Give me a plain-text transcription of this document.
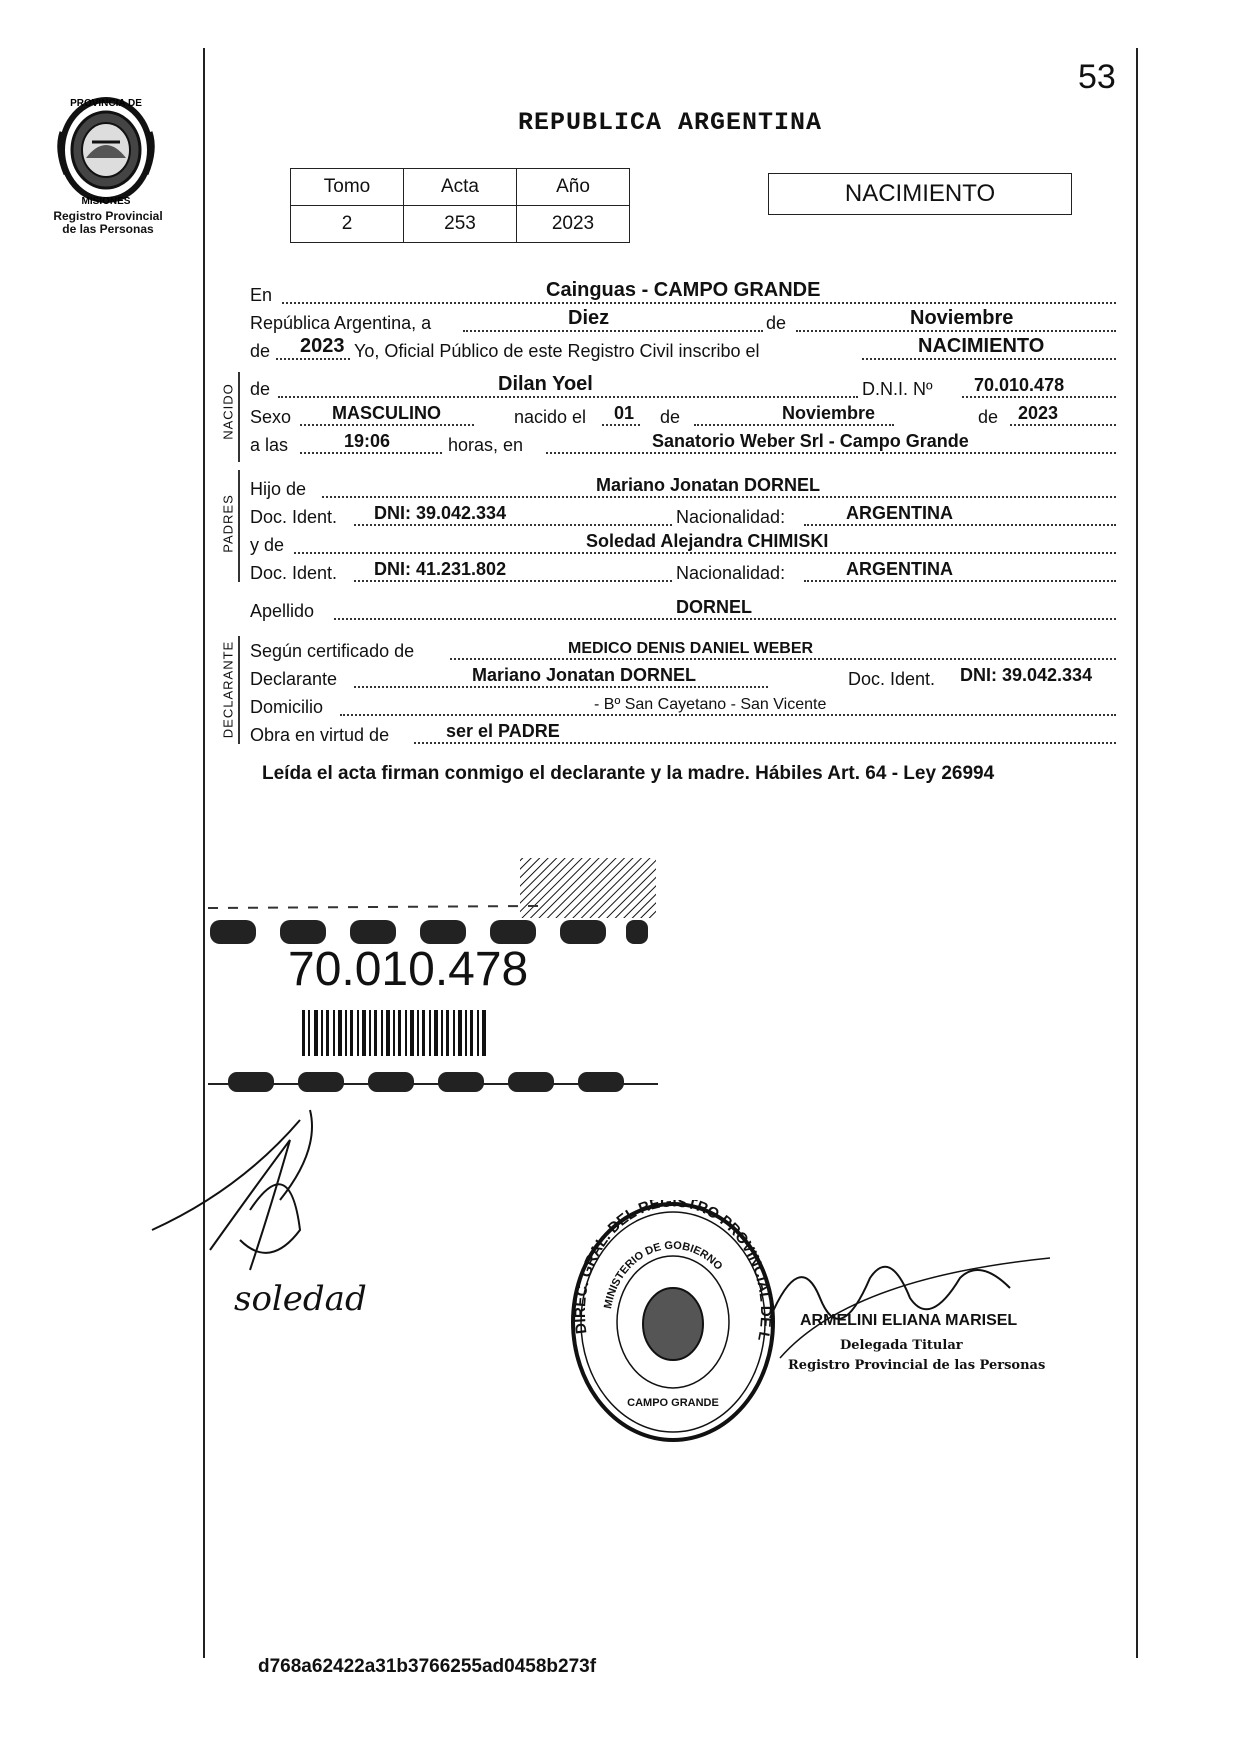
PROVINCIA DE
MISIONES
Registro Provincial
de las Personas
53
REPUBLICA ARGENTINA
Tomo	Acta	Año
2	253	2023
NACIMIENTO
En	Cainguas - CAMPO GRANDE
República Argentina, a	Diez	de	Noviembre
de 2023 Yo, Oficial Público de este Registro Civil inscribo el	NACIMIENTO
NACIDO de	Dilan Yoel	D.N.I. Nº 70.010.478
Sexo MASCULINO	nacido el 01 de	Noviembre	de 2023
a las	19:06	horas, en	Sanatorio Weber Srl - Campo Grande
PADRES
Hijo de	Mariano Jonatan DORNEL
Doc. Ident. DNI: 39.042.334	Nacionalidad:	ARGENTINA
y de	Soledad Alejandra CHIMISKI
Doc. Ident. DNI: 41.231.802	Nacionalidad:	ARGENTINA
Apellido	DORNEL
DECLARANTE Según certificado de	MEDICO DENIS DANIEL WEBER
Declarante	Mariano Jonatan DORNEL	Doc. Ident. DNI: 39.042.334
Domicilio	- Bº San Cayetano - San Vicente
Obra en virtud de	ser el PADRE
Leída el acta firman conmigo el declarante y la madre. Hábiles Art. 64 - Ley 26994
70.010.478
soledad
DIREC. GRAL. DEL REGISTRO PROVINCIAL DE L
MINISTERIO DE GOBIERNO
CAMPO GRANDE
ARMELINI ELIANA MARISEL
Delegada Titular
Registro Provincial de las Personas
d768a62422a31b3766255ad0458b273f
